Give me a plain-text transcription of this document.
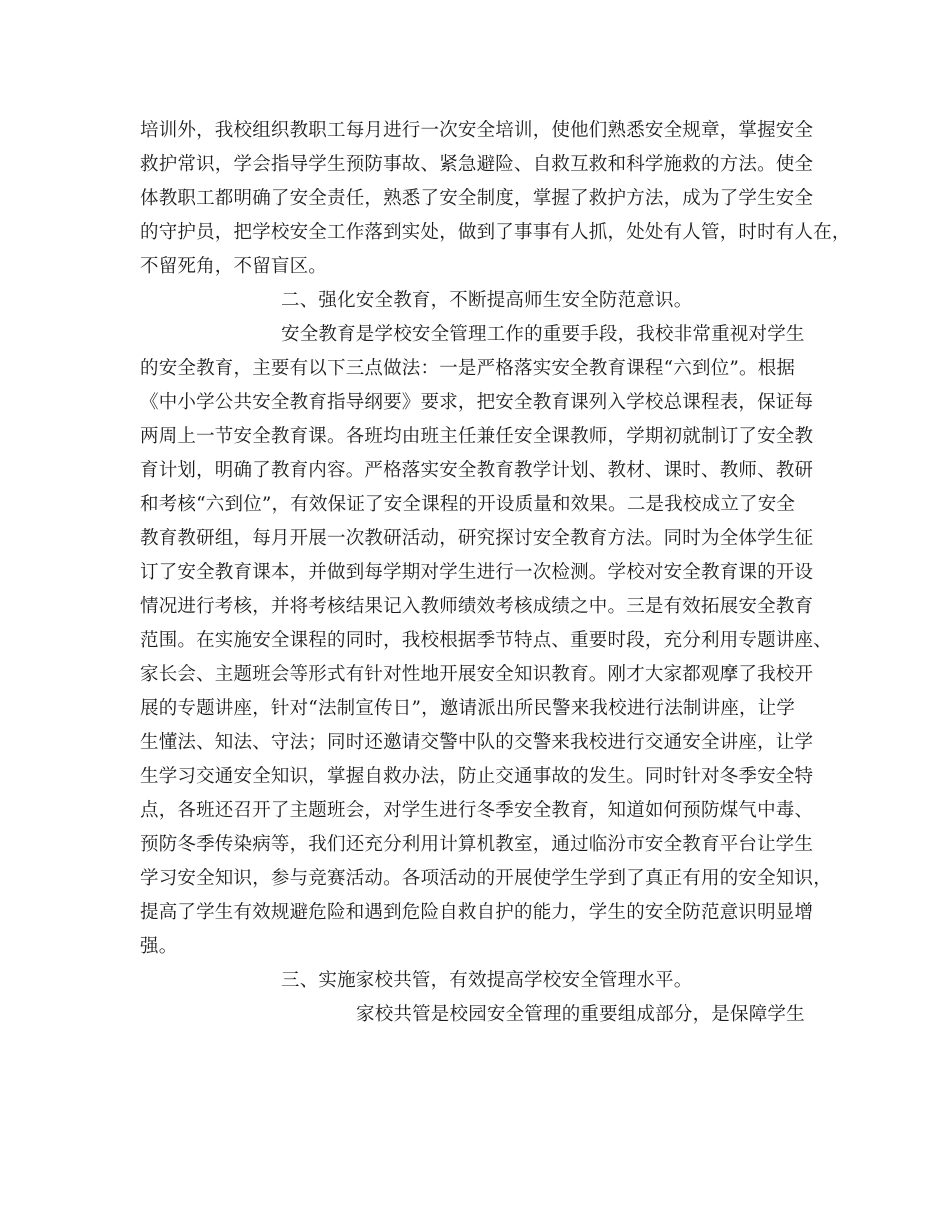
培训外，我校组织教职工每月进行一次安全培训，使他们熟悉安全规章，掌握安全
救护常识，学会指导学生预防事故、紧急避险、自救互救和科学施救的方法。使全
体教职工都明确了安全责任，熟悉了安全制度，掌握了救护方法，成为了学生安全
的守护员，把学校安全工作落到实处，做到了事事有人抓，处处有人管，时时有人在，
不留死角，不留盲区。
二、强化安全教育，不断提高师生安全防范意识。
安全教育是学校安全管理工作的重要手段，我校非常重视对学生
的安全教育，主要有以下三点做法：一是严格落实安全教育课程“六到位”。根据
《中小学公共安全教育指导纲要》要求，把安全教育课列入学校总课程表，保证每
两周上一节安全教育课。各班均由班主任兼任安全课教师，学期初就制订了安全教
育计划，明确了教育内容。严格落实安全教育教学计划、教材、课时、教师、教研
和考核“六到位”，有效保证了安全课程的开设质量和效果。二是我校成立了安全
教育教研组，每月开展一次教研活动，研究探讨安全教育方法。同时为全体学生征
订了安全教育课本，并做到每学期对学生进行一次检测。学校对安全教育课的开设
情况进行考核，并将考核结果记入教师绩效考核成绩之中。三是有效拓展安全教育
范围。在实施安全课程的同时，我校根据季节特点、重要时段，充分利用专题讲座、
家长会、主题班会等形式有针对性地开展安全知识教育。刚才大家都观摩了我校开
展的专题讲座，针对“法制宣传日”，邀请派出所民警来我校进行法制讲座，让学
生懂法、知法、守法；同时还邀请交警中队的交警来我校进行交通安全讲座，让学
生学习交通安全知识，掌握自救办法，防止交通事故的发生。同时针对冬季安全特
点，各班还召开了主题班会，对学生进行冬季安全教育，知道如何预防煤气中毒、
预防冬季传染病等，我们还充分利用计算机教室，通过临汾市安全教育平台让学生
学习安全知识，参与竞赛活动。各项活动的开展使学生学到了真正有用的安全知识，
提高了学生有效规避危险和遇到危险自救自护的能力，学生的安全防范意识明显增
强。
三、实施家校共管，有效提高学校安全管理水平。
家校共管是校园安全管理的重要组成部分，是保障学生
